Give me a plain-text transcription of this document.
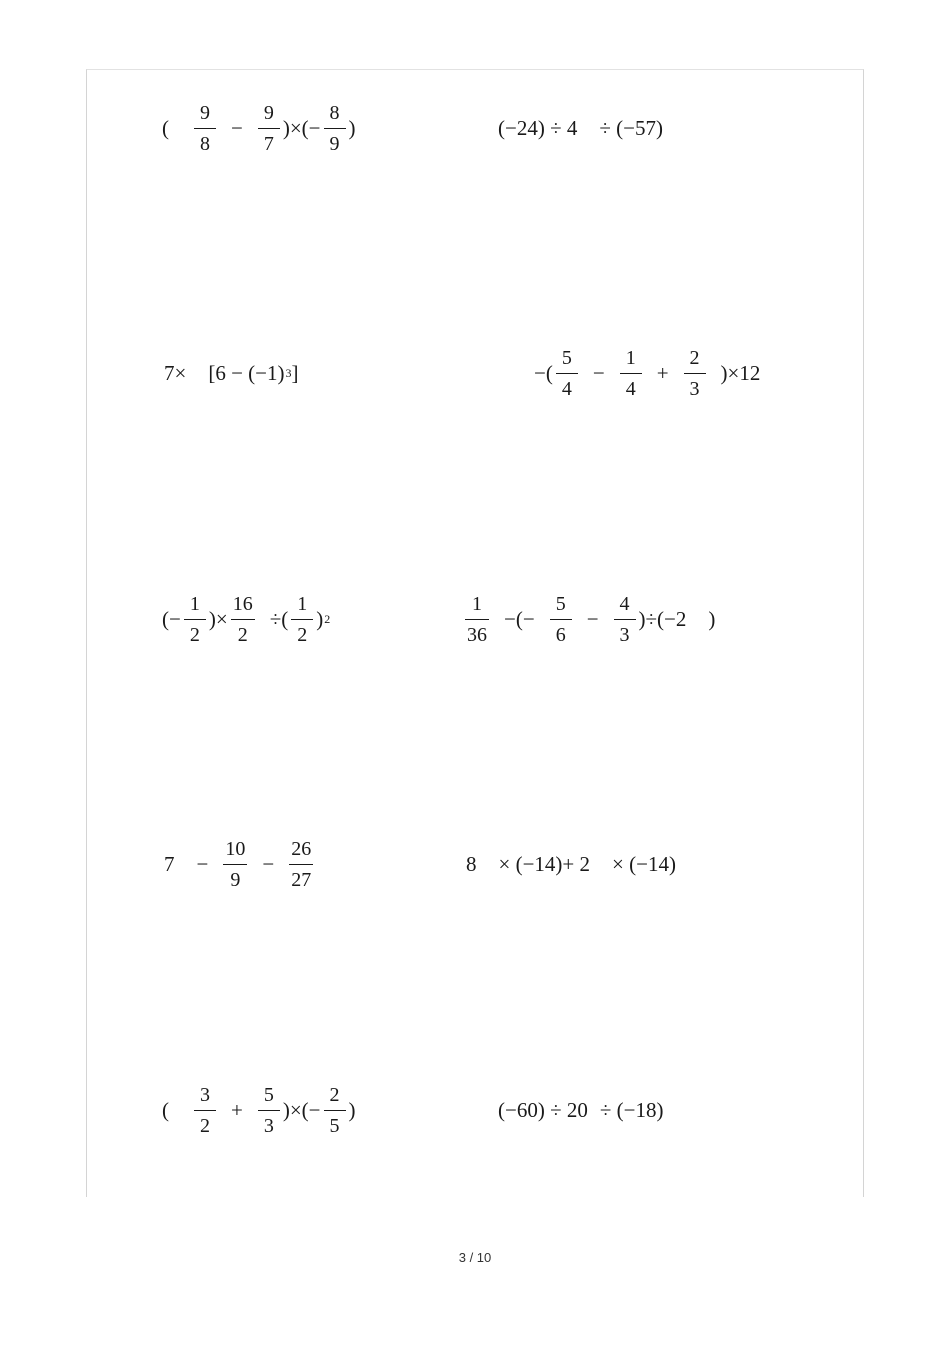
( $\frac{9}{8} - \frac{9}{7}$ )×(− $\frac{8}{9}$ )	(−24) ÷ 4 ÷ (−57)
7× [6 − (−1) 3 ]	−( $\frac{5}{4} - \frac{1}{4} + \frac{2}{3} )\times 12$
(− $\frac{1}{2}$ )× $\frac{16}{2}$ ÷( $\frac{1}{2}$ ) 2	$\frac{1}{36}$ −(− $\frac{5}{6} - \frac{4}{3} )\div(-2$ )
$7 - \frac{10}{9} - \frac{26}{27}$	8 × (−14)+ 2 × (−14)
( $\frac{3}{2} + \frac{5}{3}$ )×(− $\frac{2}{5}$ )	(−60) ÷ 20 ÷ (−18)
3 / 10
